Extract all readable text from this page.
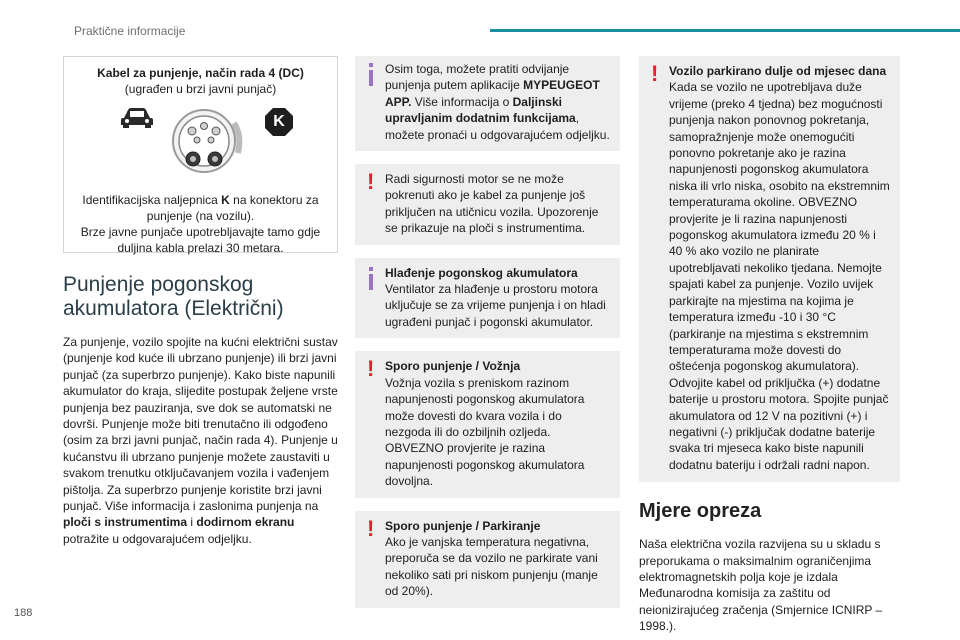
Praktične informacije
Kabel za punjenje, način rada 4 (DC)
(ugrađen u brzi javni punjač)
K
Identifikacijska naljepnica K na konektoru za punjenje (na vozilu).
Brze javne punjače upotrebljavajte tamo gdje duljina kabla prelazi 30 metara.
Punjenje pogonskog akumulatora (Električni)

Za punjenje, vozilo spojite na kućni električni sustav (punjenje kod kuće ili ubrzano punjenje) ili brzi javni punjač (za superbrzo punjenje). Kako biste napunili akumulator do kraja, slijedite postupak željene vrste punjenja bez pauziranja, sve dok se automatski ne dovrši. Punjenje može biti trenutačno ili odgođeno (osim za brzi javni punjač, način rada 4). Punjenje u kućanstvu ili ubrzano punjenje možete zaustaviti u svakom trenutku otključavanjem vozila i vađenjem pištolja. Za superbrzo punjenje koristite brzi javni punjač. Više informacija i zaslonima punjenja na ploči s instrumentima i dodirnom ekranu potražite u odgovarajućem odjeljku.

Osim toga, možete pratiti odvijanje punjenja putem aplikacije MYPEUGEOT APP. Više informacija o Daljinski upravljanim dodatnim funkcijama, možete pronaći u odgovarajućem odjeljku.
! Radi sigurnosti motor se ne može pokrenuti ako je kabel za punjenje još priključen na utičnicu vozila. Upozorenje se prikazuje na ploči s instrumentima.
Hlađenje pogonskog akumulatora
Ventilator za hlađenje u prostoru motora uključuje se za vrijeme punjenja i on hladi ugrađeni punjač i pogonski akumulator.
! Sporo punjenje / Vožnja
Vožnja vozila s preniskom razinom napunjenosti pogonskog akumulatora može dovesti do kvara vozila i do nezgoda ili do ozbiljnih ozljeda. OBVEZNO provjerite je razina napunjenosti pogonskog akumulatora dovoljna.
! Sporo punjenje / Parkiranje
Ako je vanjska temperatura negativna, preporuča se da vozilo ne parkirate vani nekoliko sati pri niskom punjenju (manje od 20%).
! Vozilo parkirano dulje od mjesec dana
Kada se vozilo ne upotrebljava duže vrijeme (preko 4 tjedna) bez mogućnosti punjenja nakon ponovnog pokretanja, samopražnjenje može onemogućiti ponovno pokretanje ako je razina napunjenosti pogonskog akumulatora niska ili vrlo niska, osobito na ekstremnim temperaturama okoline. OBVEZNO provjerite je li razina napunjenosti pogonskog akumulatora između 20 % i 40 % ako vozilo ne planirate upotrebljavati nekoliko tjedana. Nemojte spajati kabel za punjenje. Vozilo uvijek parkirajte na mjestima na kojima je temperatura između -10 i 30 °C (parkiranje na mjestima s ekstremnim temperaturama može dovesti do oštećenja pogonskog akumulatora). Odvojite kabel od priključka (+) dodatne baterije u prostoru motora. Spojite punjač akumulatora od 12 V na pozitivni (+) i negativni (-) priključak dodatne baterije svaka tri mjeseca kako biste napunili dodatnu bateriju i održali radni napon.
Mjere opreza

Naša električna vozila razvijena su u skladu s preporukama o maksimalnim ograničenjima elektromagnetskih polja koje je izdala Međunarodna komisija za zaštitu od neionizirajućeg zračenja (Smjernice ICNIRP – 1998.).

188
